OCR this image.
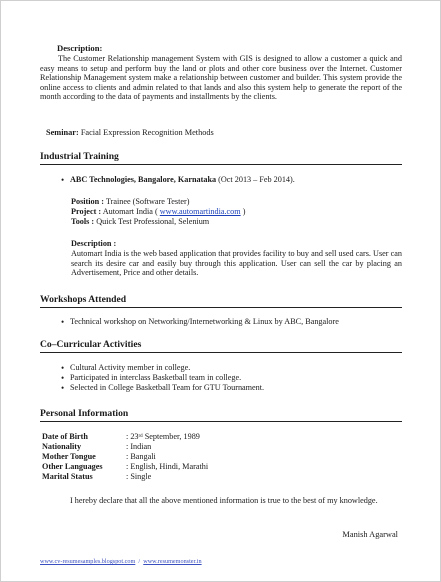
Description:
The Customer Relationship management System with GIS is designed to allow a customer a quick and easy means to setup and perform buy the land or plots and other core business over the Internet. Customer Relationship Management system make a relationship between customer and builder. This system provide the online access to clients and admin related to that lands and also this system help to generate the report of the month according to the data of payments and installments by the clients.
Seminar: Facial Expression Recognition Methods
Industrial Training
• ABC Technologies, Bangalore, Karnataka (Oct 2013 – Feb 2014).
Position : Trainee (Software Tester)
Project : Automart India ( www.automartindia.com )
Tools : Quick Test Professional, Selenium
Description :
Automart India is the web based application that provides facility to buy and sell used cars. User can search its desire car and easily buy through this application. User can sell the car by placing an Advertisement, Price and other details.
Workshops Attended
• Technical workshop on Networking/Internetworking & Linux by ABC, Bangalore
Co–Curricular Activities
• Cultural Activity member in college.
• Participated in interclass Basketball team in college.
• Selected in College Basketball Team for GTU Tournament.
Personal Information
Date of Birth	: 23rd September, 1989
Nationality	: Indian
Mother Tongue	: Bangali
Other Languages	: English, Hindi, Marathi
Marital Status	: Single
I hereby declare that all the above mentioned information is true to the best of my knowledge.
Manish Agarwal
www.cv-resumesamples.blogspot.com  /  www.resumemonster.in
